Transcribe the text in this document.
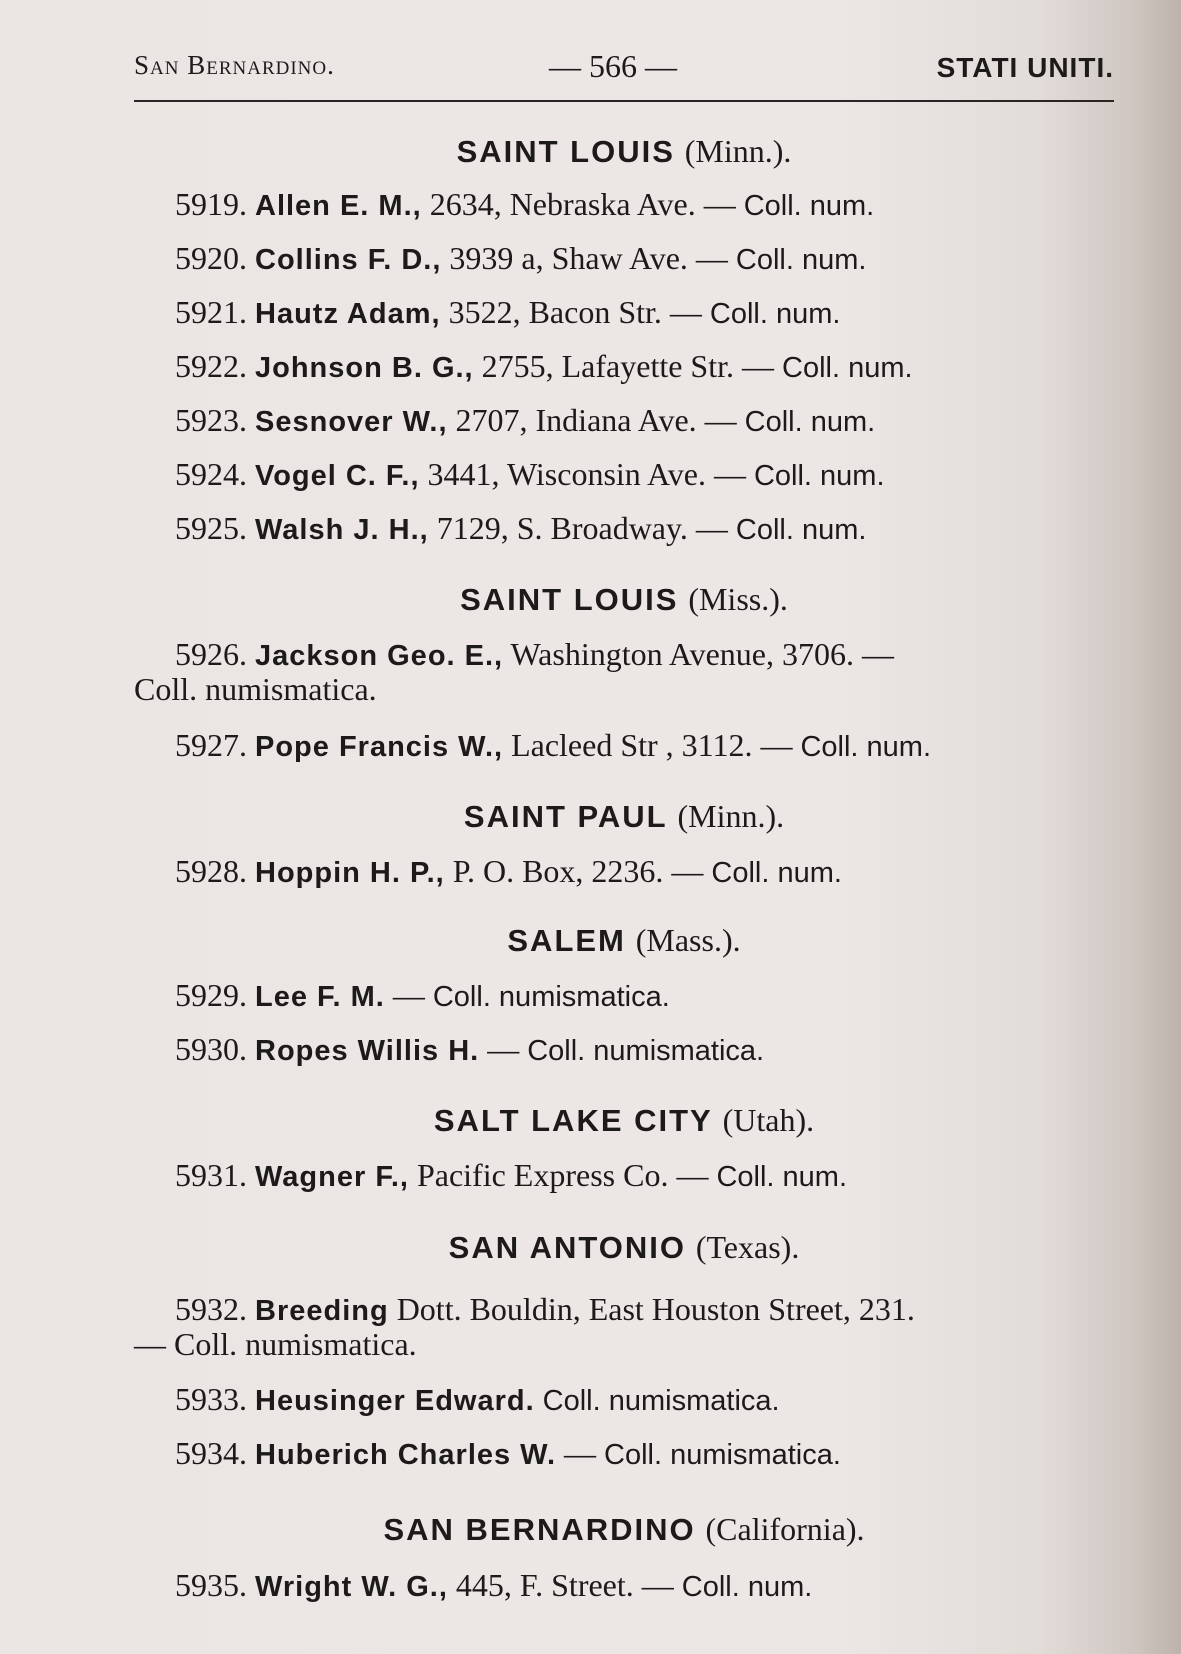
San Bernardino.	— 566 —	STATI UNITI.
SAINT LOUIS (Minn.).
5919. Allen E. M., 2634, Nebraska Ave. — Coll. num.
5920. Collins F. D., 3939 a, Shaw Ave. — Coll. num.
5921. Hautz Adam, 3522, Bacon Str. — Coll. num.
5922. Johnson B. G., 2755, Lafayette Str. — Coll. num.
5923. Sesnover W., 2707, Indiana Ave. — Coll. num.
5924. Vogel C. F., 3441, Wisconsin Ave. — Coll. num.
5925. Walsh J. H., 7129, S. Broadway. — Coll. num.
SAINT LOUIS (Miss.).
5926. Jackson Geo. E., Washington Avenue, 3706. —
Coll. numismatica.
5927. Pope Francis W., Lacleed Str , 3112. — Coll. num.
SAINT PAUL (Minn.).
5928. Hoppin H. P., P. O. Box, 2236. — Coll. num.
SALEM (Mass.).
5929. Lee F. M. — Coll. numismatica.
5930. Ropes Willis H. — Coll. numismatica.
SALT LAKE CITY (Utah).
5931. Wagner F., Pacific Express Co. — Coll. num.
SAN ANTONIO (Texas).
5932. Breeding Dott. Bouldin, East Houston Street, 231.
— Coll. numismatica.
5933. Heusinger Edward. Coll. numismatica.
5934. Huberich Charles W. — Coll. numismatica.
SAN BERNARDINO (California).
5935. Wright W. G., 445, F. Street. — Coll. num.
